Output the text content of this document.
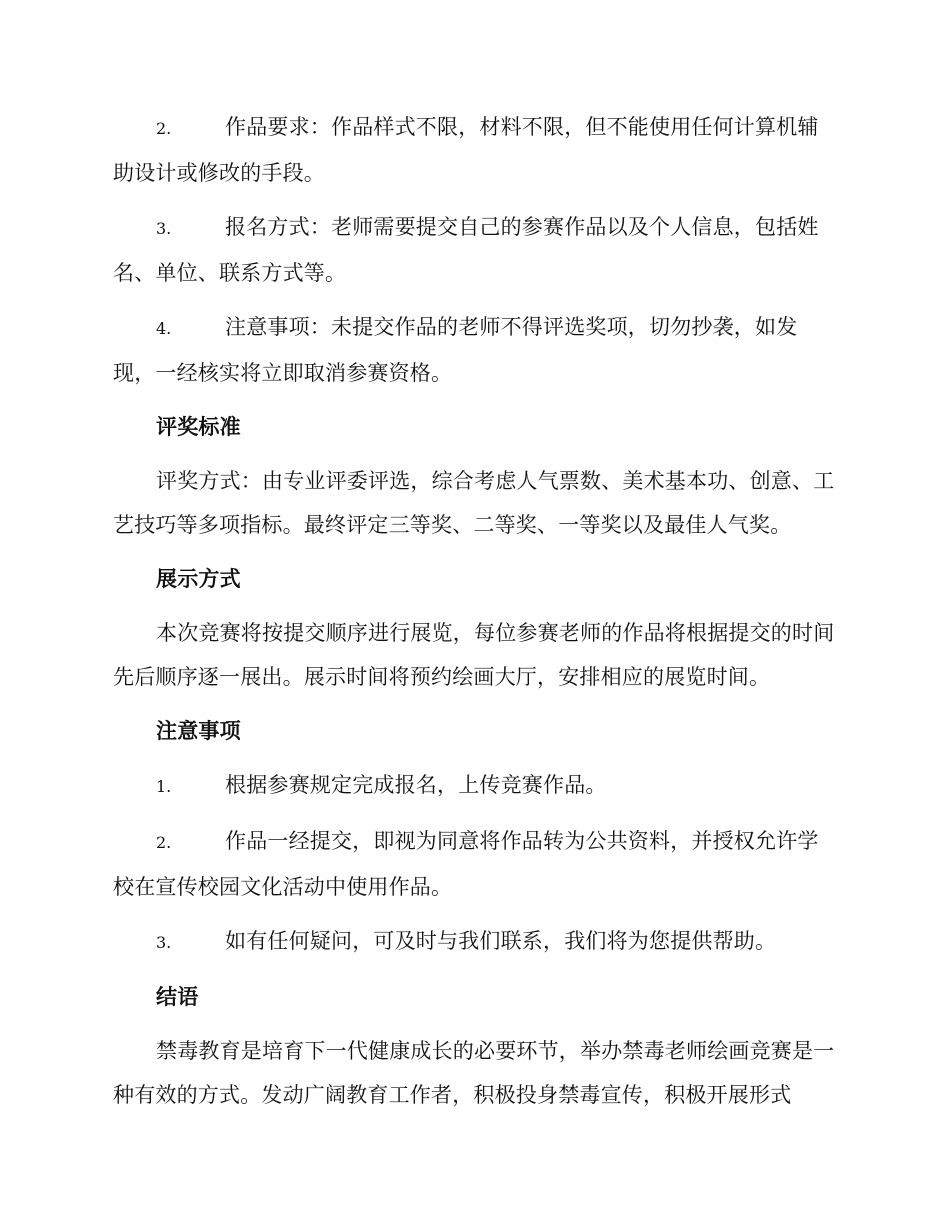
2.	作品要求：作品样式不限，材料不限，但不能使用任何计算机辅助设计或修改的手段。
3.	报名方式：老师需要提交自己的参赛作品以及个人信息，包括姓名、单位、联系方式等。
4.	注意事项：未提交作品的老师不得评选奖项，切勿抄袭，如发现，一经核实将立即取消参赛资格。
评奖标准
评奖方式：由专业评委评选，综合考虑人气票数、美术基本功、创意、工艺技巧等多项指标。最终评定三等奖、二等奖、一等奖以及最佳人气奖。
展示方式
本次竞赛将按提交顺序进行展览，每位参赛老师的作品将根据提交的时间先后顺序逐一展出。展示时间将预约绘画大厅，安排相应的展览时间。
注意事项
1.	根据参赛规定完成报名，上传竞赛作品。
2.	作品一经提交，即视为同意将作品转为公共资料，并授权允许学校在宣传校园文化活动中使用作品。
3.	如有任何疑问，可及时与我们联系，我们将为您提供帮助。
结语
禁毒教育是培育下一代健康成长的必要环节，举办禁毒老师绘画竞赛是一种有效的方式。发动广阔教育工作者，积极投身禁毒宣传，积极开展形式
